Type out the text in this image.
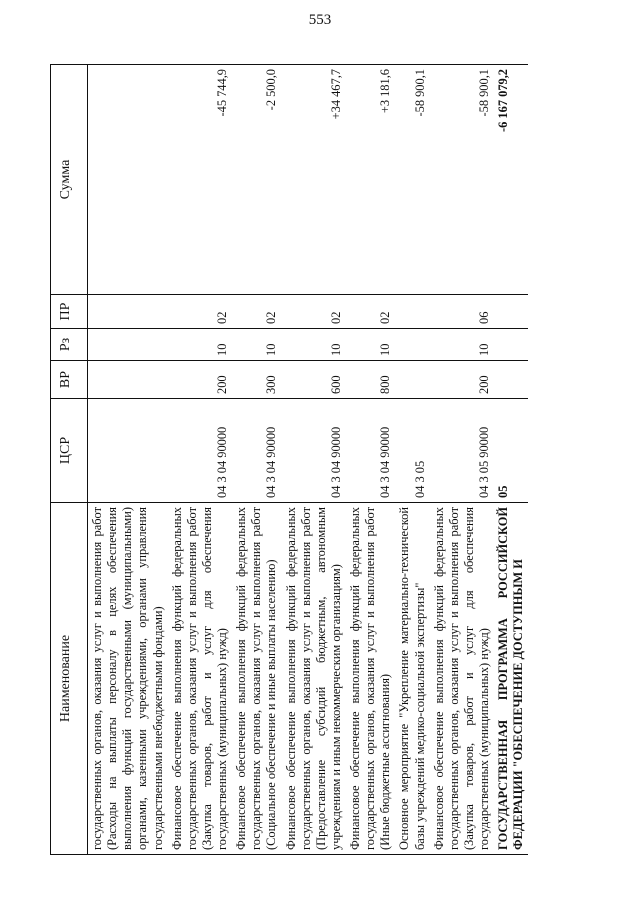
553
Наименование	ЦСР	ВР	Рз	ПР	Сумма
государственных органов, оказания услуг и выполнения работ (Расходы на выплаты персоналу в целях обеспечения выполнения функций государственными (муниципальными) органами, казенными учреждениями, органами управления государственными внебюджетными фондами)					
Финансовое обеспечение выполнения функций федеральных государственных органов, оказания услуг и выполнения работ (Закупка товаров, работ и услуг для обеспечения государственных (муниципальных) нужд)	04 3 04 90000	200	10	02	-45 744,9
Финансовое обеспечение выполнения функций федеральных государственных органов, оказания услуг и выполнения работ (Социальное обеспечение и иные выплаты населению)	04 3 04 90000	300	10	02	-2 500,0
Финансовое обеспечение выполнения функций федеральных государственных органов, оказания услуг и выполнения работ (Предоставление субсидий бюджетным, автономным учреждениям и иным некоммерческим организациям)	04 3 04 90000	600	10	02	+34 467,7
Финансовое обеспечение выполнения функций федеральных государственных органов, оказания услуг и выполнения работ (Иные бюджетные ассигнования)	04 3 04 90000	800	10	02	+3 181,6
Основное мероприятие "Укрепление материально-технической базы учреждений медико-социальной экспертизы"	04 3 05				-58 900,1
Финансовое обеспечение выполнения функций федеральных государственных органов, оказания услуг и выполнения работ (Закупка товаров, работ и услуг для обеспечения государственных (муниципальных) нужд)	04 3 05 90000	200	10	06	-58 900,1
ГОСУДАРСТВЕННАЯ ПРОГРАММА РОССИЙСКОЙ ФЕДЕРАЦИИ "ОБЕСПЕЧЕНИЕ ДОСТУПНЫМ И	05				-6 167 079,2
